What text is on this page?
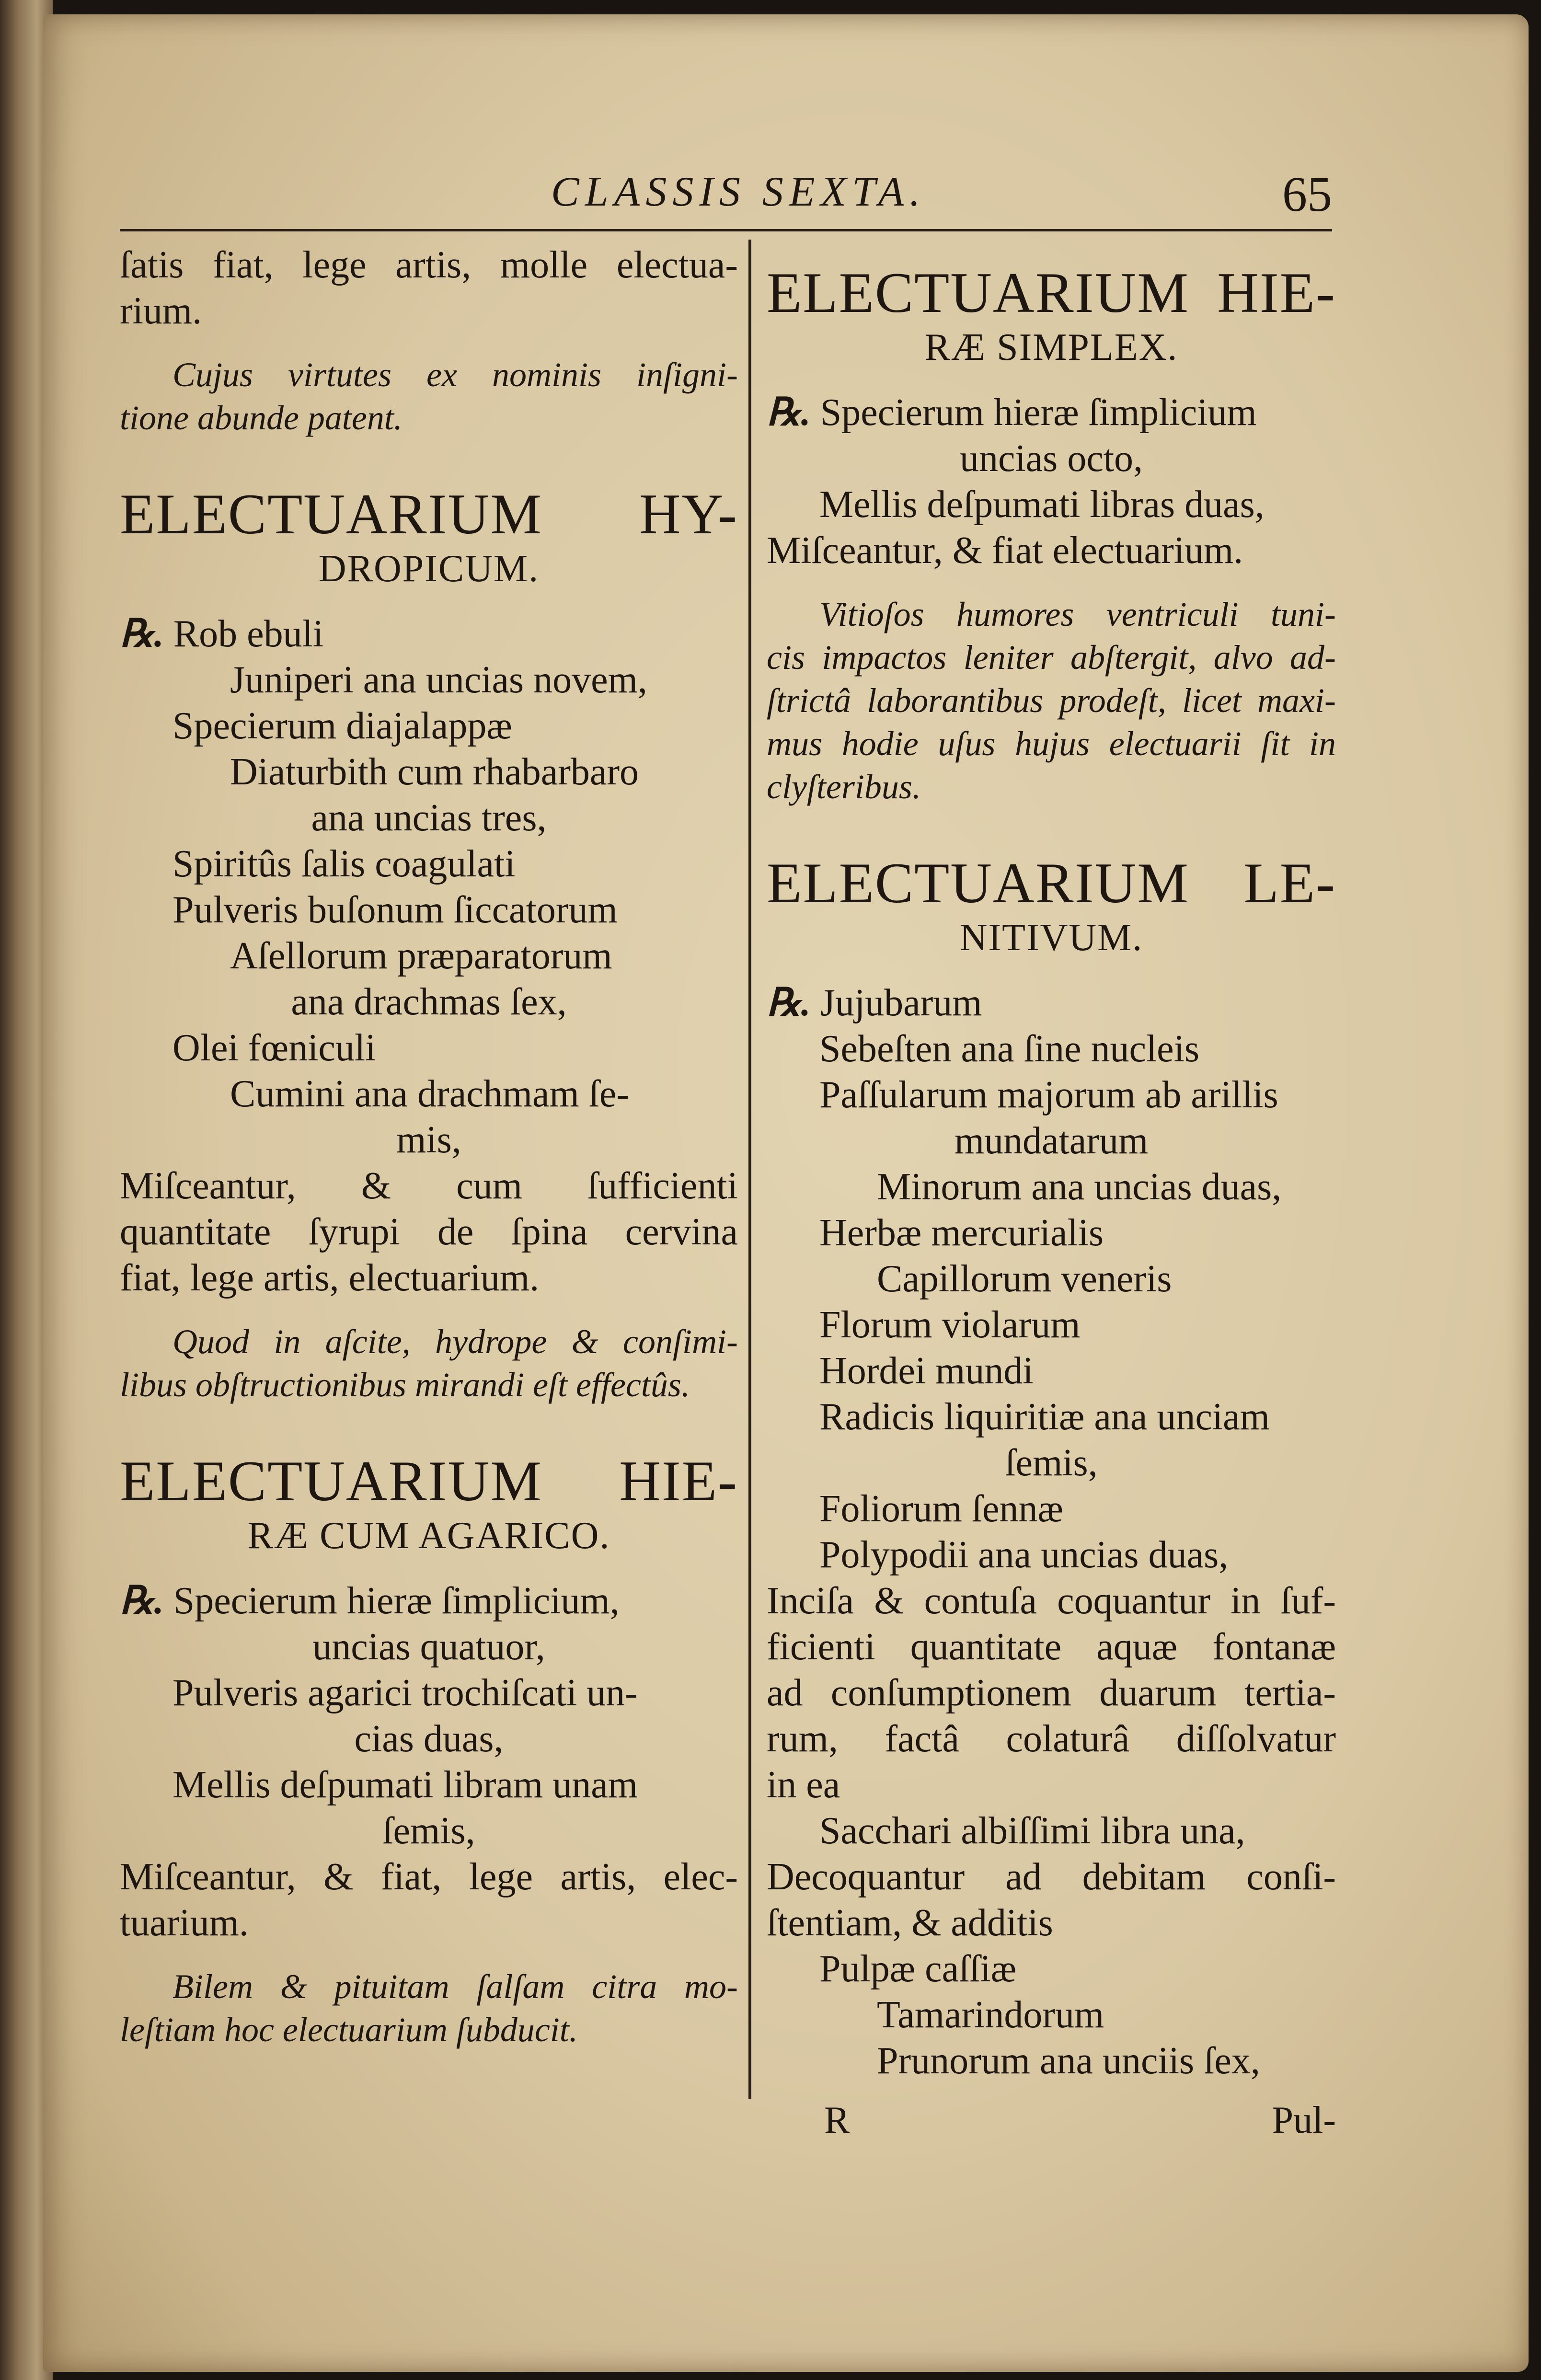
CLASSIS SEXTA.	65
ſatis fiat, lege artis, molle electua-
rium.
Cujus virtutes ex nominis inſigni-
tione abunde patent.
ELECTUARIUM HY-
DROPICUM.
℞. Rob ebuli
Juniperi ana uncias novem,
Specierum diajalappæ
Diaturbith cum rhabarbaro
ana uncias tres,
Spiritûs ſalis coagulati
Pulveris buſonum ſiccatorum
Aſellorum præparatorum
ana drachmas ſex,
Olei fœniculi
Cumini ana drachmam ſe-
mis,
Miſceantur, & cum ſufficienti
quantitate ſyrupi de ſpina cervina
fiat, lege artis, electuarium.
Quod in aſcite, hydrope & conſimi-
libus obſtructionibus mirandi eſt effectûs.
ELECTUARIUM HIE-
RÆ CUM AGARICO.
℞. Specierum hieræ ſimplicium,
uncias quatuor,
Pulveris agarici trochiſcati un-
cias duas,
Mellis deſpumati libram unam
ſemis,
Miſceantur, & fiat, lege artis, elec-
tuarium.
Bilem & pituitam ſalſam citra mo-
leſtiam hoc electuarium ſubducit.
ELECTUARIUM HIE-
RÆ SIMPLEX.
℞. Specierum hieræ ſimplicium
uncias octo,
Mellis deſpumati libras duas,
Miſceantur, & fiat electuarium.
Vitioſos humores ventriculi tuni-
cis impactos leniter abſtergit, alvo ad-
ſtrictâ laborantibus prodeſt, licet maxi-
mus hodie uſus hujus electuarii ſit in
clyſteribus.
ELECTUARIUM LE-
NITIVUM.
℞. Jujubarum
Sebeſten ana ſine nucleis
Paſſularum majorum ab arillis
mundatarum
Minorum ana uncias duas,
Herbæ mercurialis
Capillorum veneris
Florum violarum
Hordei mundi
Radicis liquiritiæ ana unciam
ſemis,
Foliorum ſennæ
Polypodii ana uncias duas,
Inciſa & contuſa coquantur in ſuf-
ficienti quantitate aquæ fontanæ
ad conſumptionem duarum tertia-
rum, factâ colaturâ diſſolvatur
in ea
Sacchari albiſſimi libra una,
Decoquantur ad debitam conſi-
ſtentiam, & additis
Pulpæ caſſiæ
Tamarindorum
Prunorum ana unciis ſex,
R	Pul-
